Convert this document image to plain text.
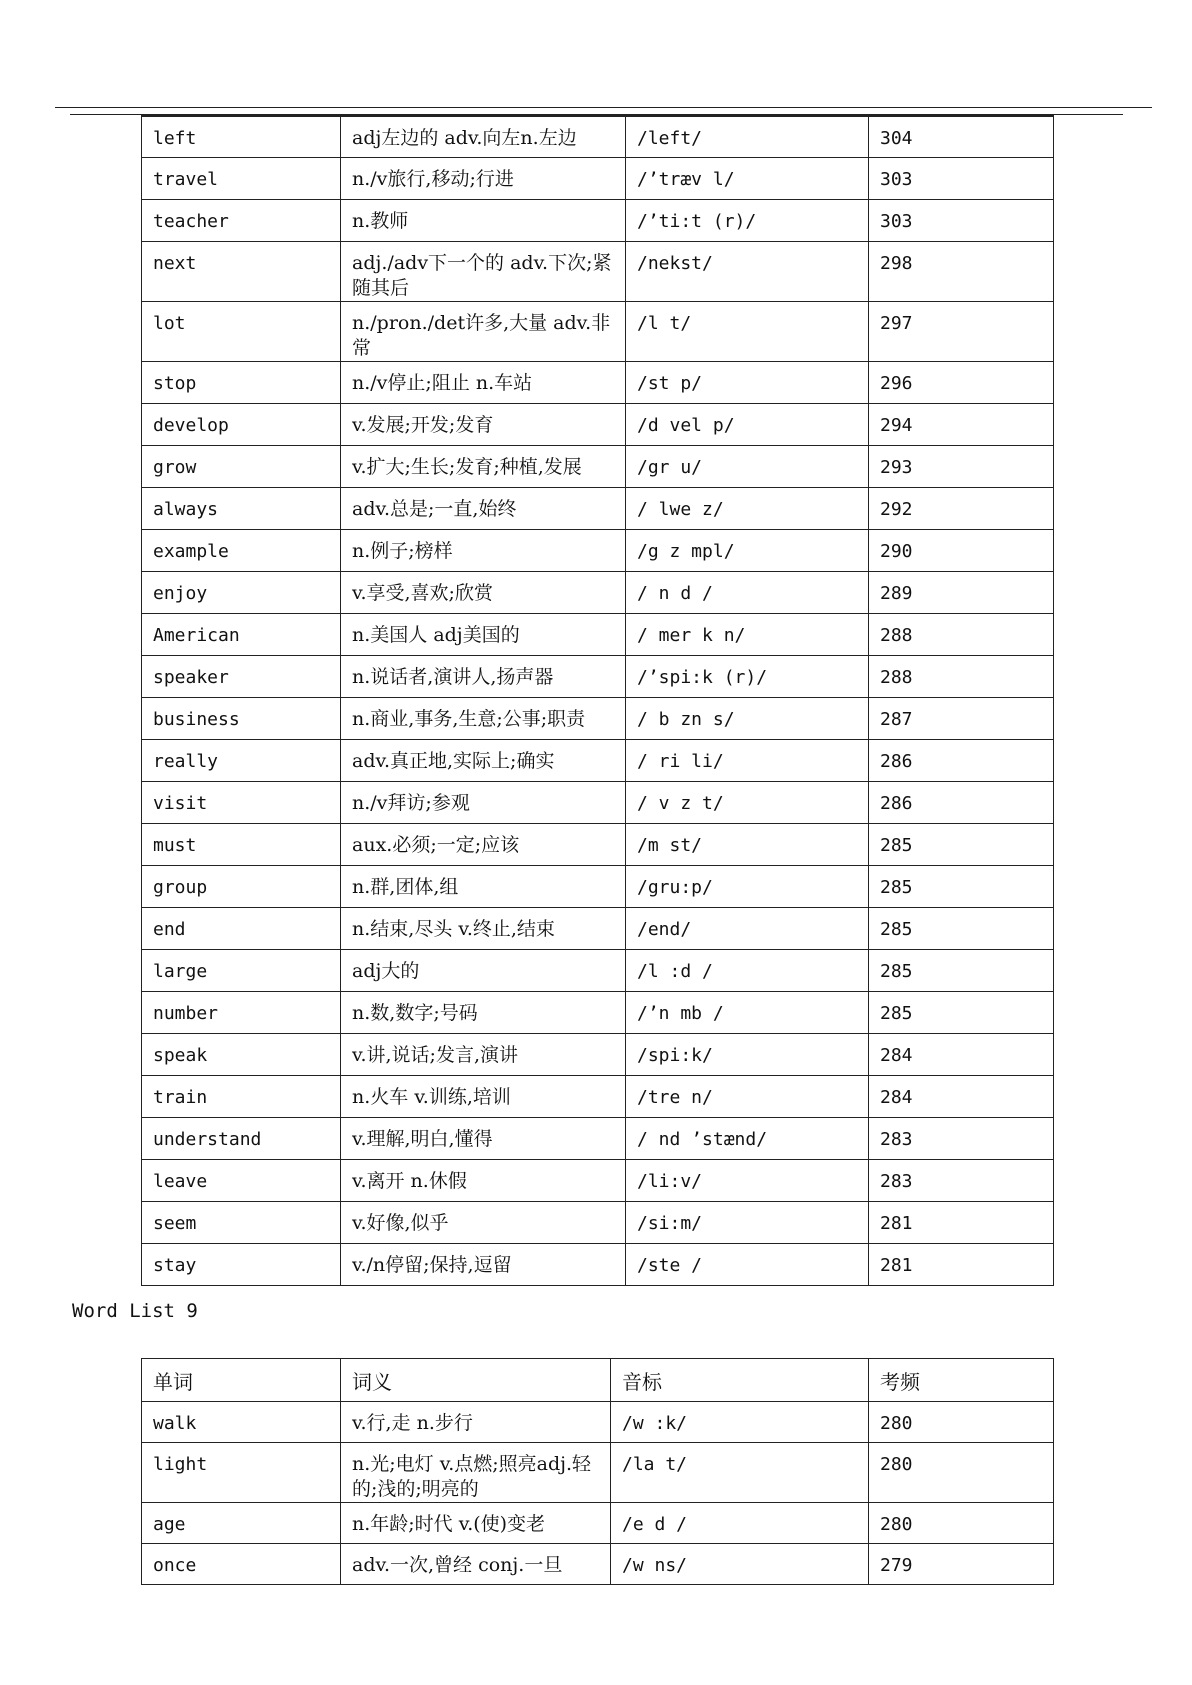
left	adj左边的 adv.向左n.左边	/left/	304
travel	n./v旅行,移动;行进	/’træv l/	303
teacher	n.教师	/’ti:t (r)/	303
next	adj./adv下一个的 adv.下次;紧随其后	/nekst/	298
lot	n./pron./det许多,大量 adv.非常	/l t/	297
stop	n./v停止;阻止 n.车站	/st p/	296
develop	v.发展;开发;发育	/d vel p/	294
grow	v.扩大;生长;发育;种植,发展	/gr u/	293
always	adv.总是;一直,始终	/ lwe z/	292
example	n.例子;榜样	/g z mpl/	290
enjoy	v.享受,喜欢;欣赏	/ n d /	289
American	n.美国人 adj美国的	/ mer k n/	288
speaker	n.说话者,演讲人,扬声器	/’spi:k (r)/	288
business	n.商业,事务,生意;公事;职责	/ b zn s/	287
really	adv.真正地,实际上;确实	/ ri li/	286
visit	n./v拜访;参观	/ v z t/	286
must	aux.必须;一定;应该	/m st/	285
group	n.群,团体,组	/gru:p/	285
end	n.结束,尽头 v.终止,结束	/end/	285
large	adj大的	/l :d /	285
number	n.数,数字;号码	/’n mb /	285
speak	v.讲,说话;发言,演讲	/spi:k/	284
train	n.火车 v.训练,培训	/tre n/	284
understand	v.理解,明白,懂得	/ nd ’stænd/	283
leave	v.离开 n.休假	/li:v/	283
seem	v.好像,似乎	/si:m/	281
stay	v./n停留;保持,逗留	/ste /	281
Word List 9
单词	词义	音标	考频
walk	v.行,走 n.步行	/w :k/	280
light	n.光;电灯 v.点燃;照亮adj.轻的;浅的;明亮的	/la t/	280
age	n.年龄;时代 v.(使)变老	/e d /	280
once	adv.一次,曾经 conj.一旦	/w ns/	279
